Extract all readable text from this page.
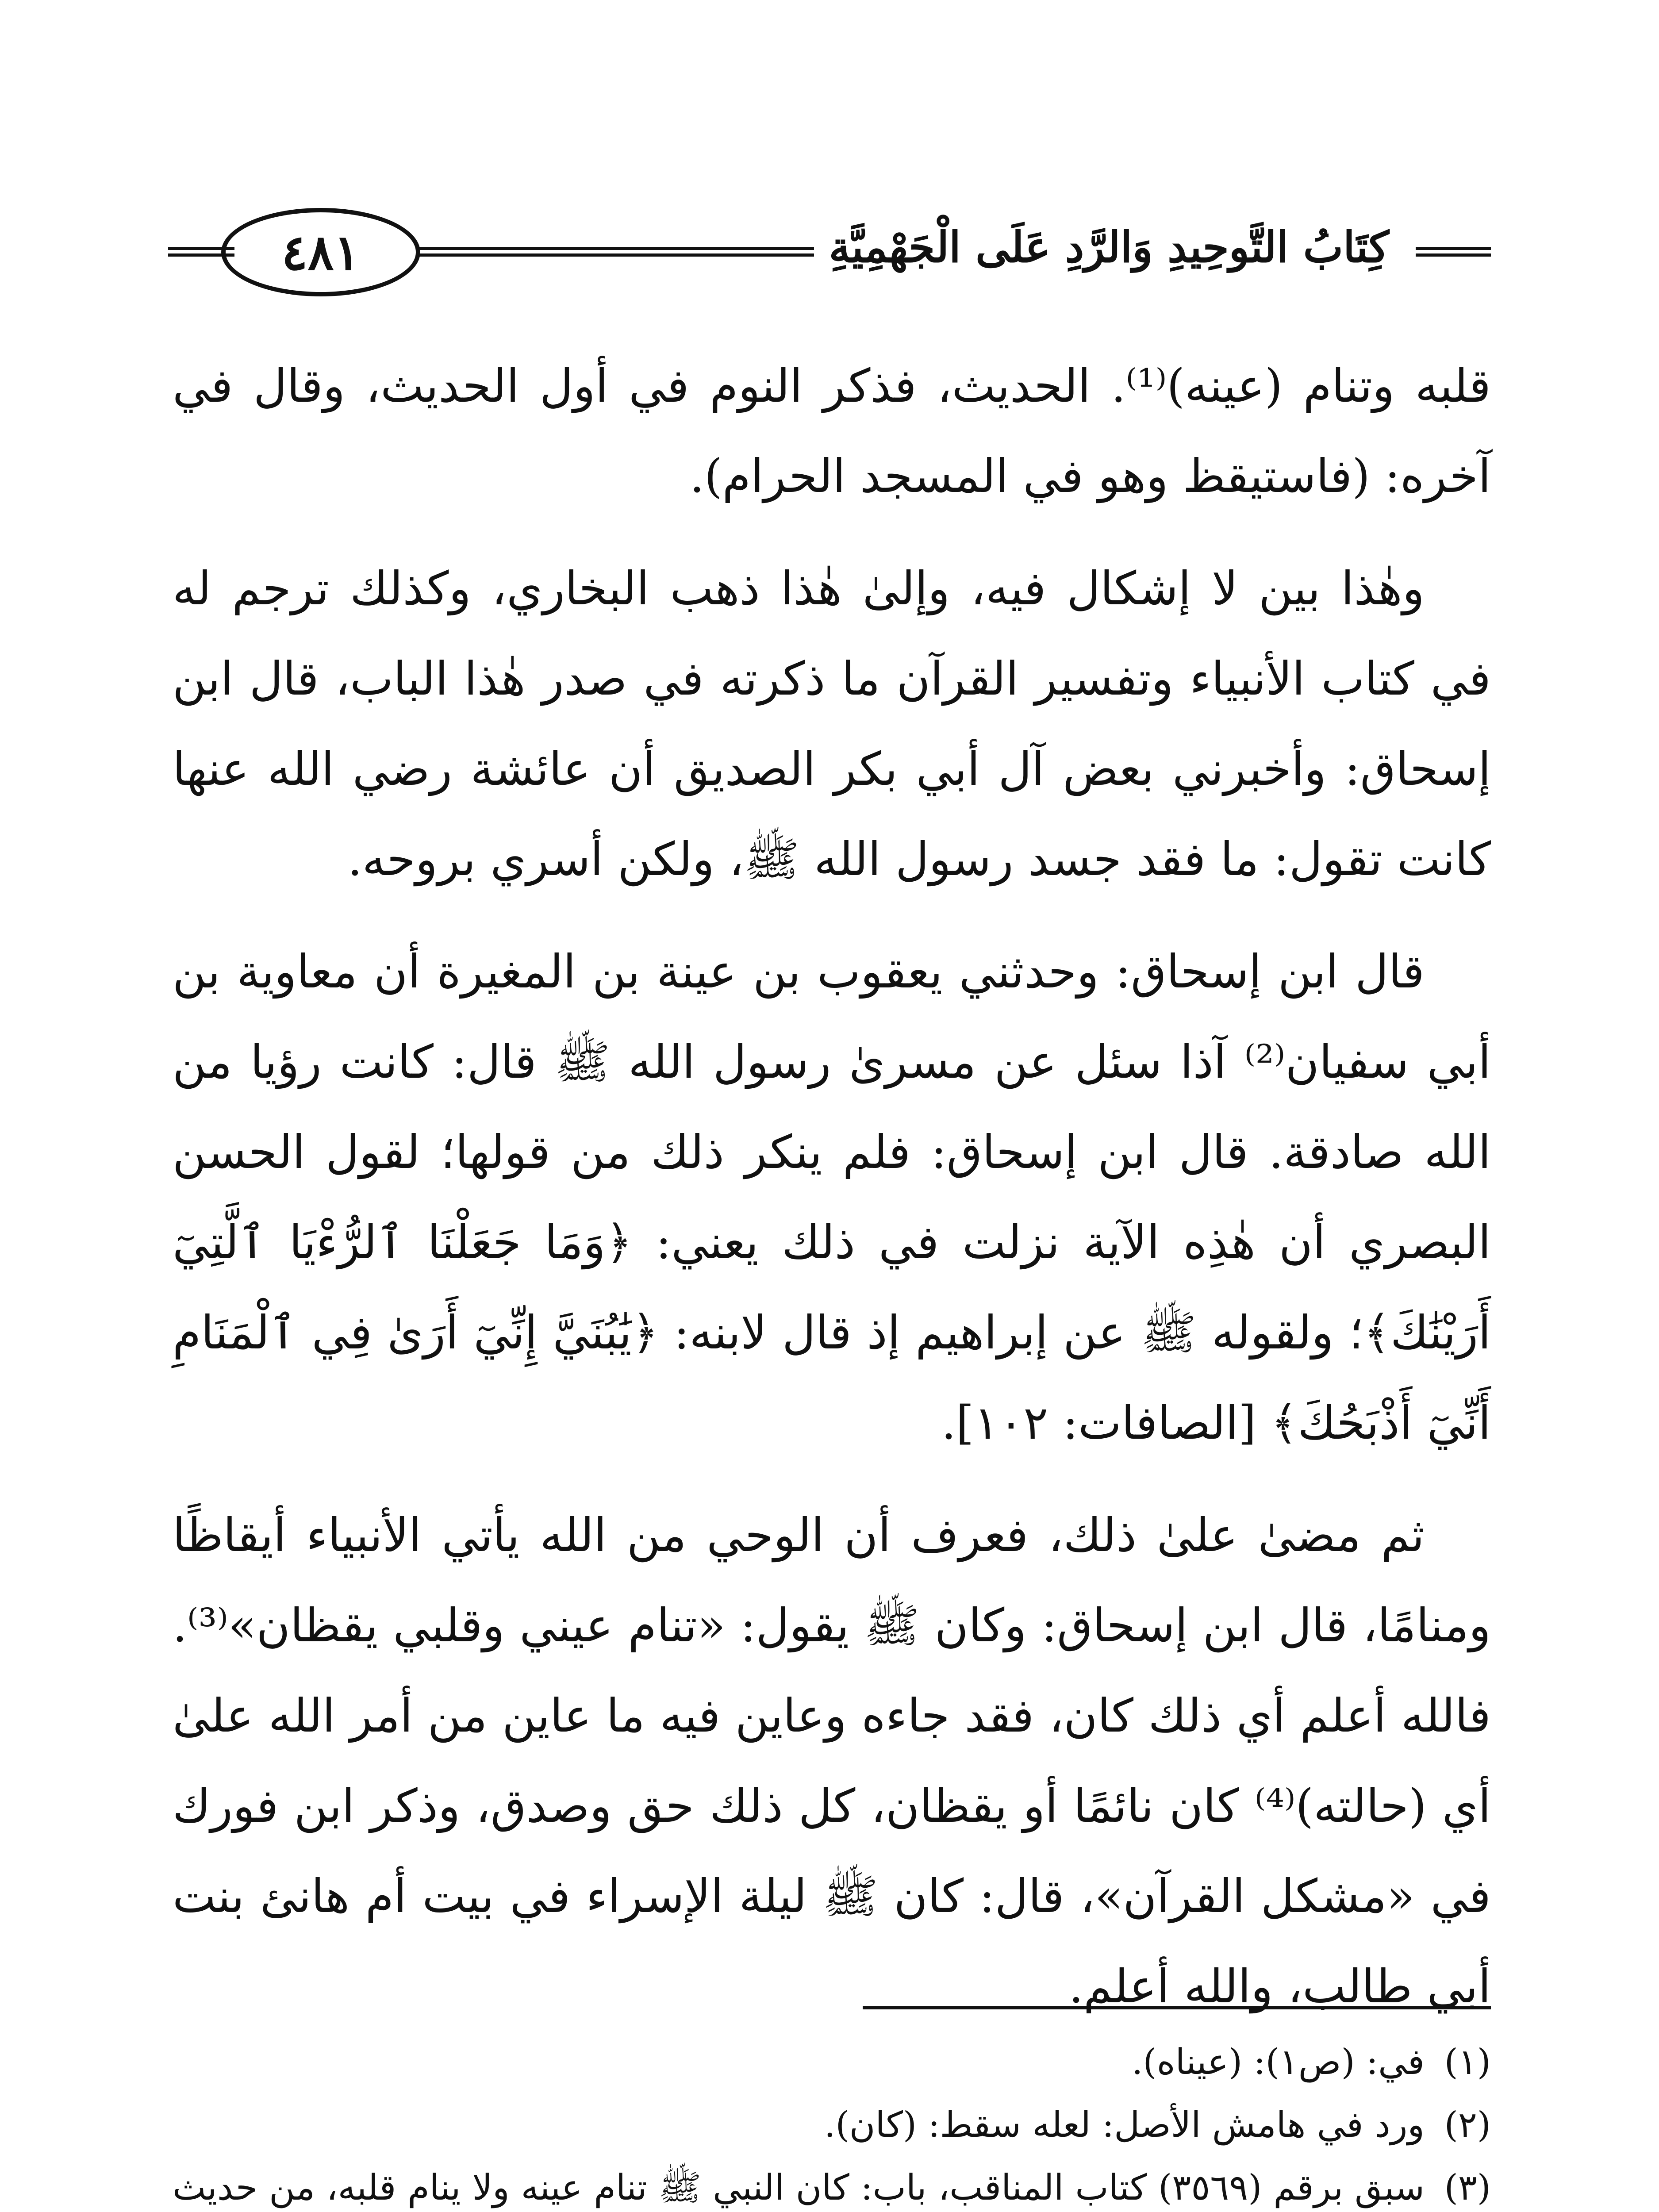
كِتَابُ التَّوحِيدِ وَالرَّدِ عَلَى الْجَهْمِيَّةِ
٤٨١

قلبه وتنام (عينه)⁽¹⁾. الحديث، فذكر النوم في أول الحديث، وقال في آخره: (فاستيقظ وهو في المسجد الحرام).

وهٰذا بين لا إشكال فيه، وإلىٰ هٰذا ذهب البخاري، وكذلك ترجم له في كتاب الأنبياء وتفسير القرآن ما ذكرته في صدر هٰذا الباب، قال ابن إسحاق: وأخبرني بعض آل أبي بكر الصديق أن عائشة رضي الله عنها كانت تقول: ما فقد جسد رسول الله ﷺ، ولكن أسري بروحه.

قال ابن إسحاق: وحدثني يعقوب بن عينة بن المغيرة أن معاوية بن أبي سفيان⁽²⁾ آذا سئل عن مسرىٰ رسول الله ﷺ قال: كانت رؤيا من الله صادقة. قال ابن إسحاق: فلم ينكر ذلك من قولها؛ لقول الحسن البصري أن هٰذِه الآية نزلت في ذلك يعني: ﴿وَمَا جَعَلْنَا ٱلرُّءْيَا ٱلَّتِيٓ أَرَيْنَٰكَ﴾؛ ولقوله ﷺ عن إبراهيم إذ قال لابنه: ﴿يَٰبُنَيَّ إِنِّيٓ أَرَىٰ فِي ٱلْمَنَامِ أَنِّيٓ أَذْبَحُكَ﴾ [الصافات: ١٠٢].

ثم مضىٰ علىٰ ذلك، فعرف أن الوحي من الله يأتي الأنبياء أيقاظًا ومنامًا، قال ابن إسحاق: وكان ﷺ يقول: «تنام عيني وقلبي يقظان»⁽³⁾. فالله أعلم أي ذلك كان، فقد جاءه وعاين فيه ما عاين من أمر الله علىٰ أي (حالته)⁽⁴⁾ كان نائمًا أو يقظان، كل ذلك حق وصدق، وذكر ابن فورك في «مشكل القرآن»، قال: كان ﷺ ليلة الإسراء في بيت أم هانئ بنت أبي طالب، والله أعلم.

(١)
في: (ص١): (عيناه).
(٢)
ورد في هامش الأصل: لعله سقط: (كان).
(٣)
سبق برقم (٣٥٦٩) كتاب المناقب، باب: كان النبي ﷺ تنام عينه ولا ينام قلبه، من حديث
